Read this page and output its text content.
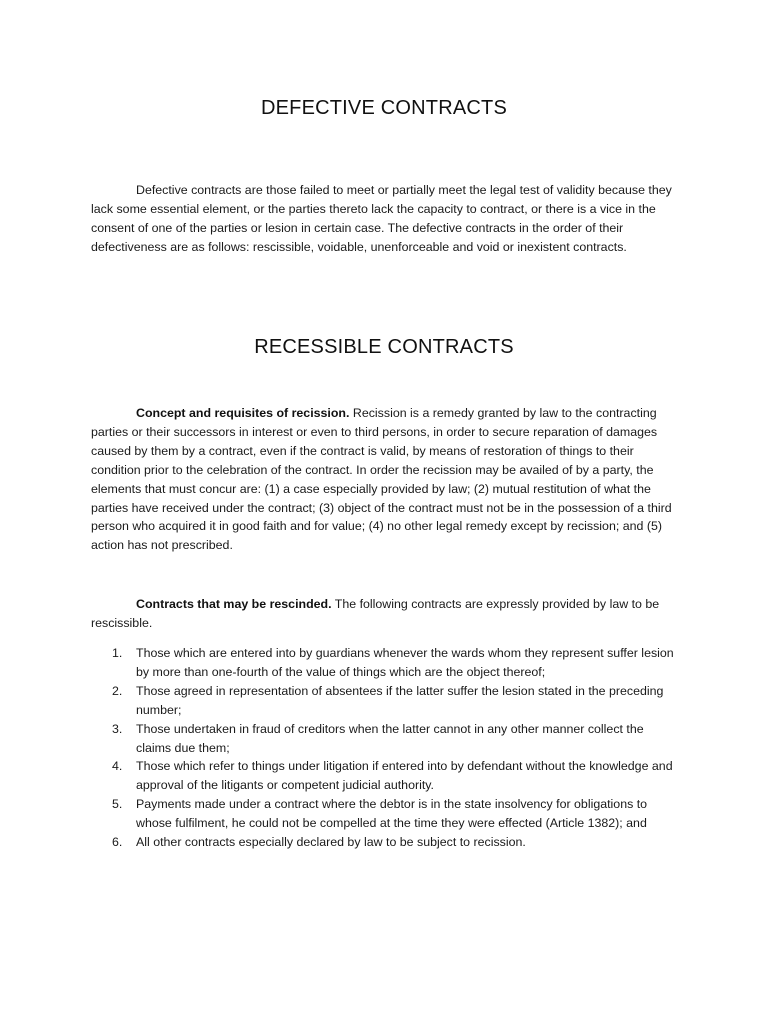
DEFECTIVE CONTRACTS

Defective contracts are those failed to meet or partially meet the legal test of validity because they lack some essential element, or the parties thereto lack the capacity to contract, or there is a vice in the consent of one of the parties or lesion in certain case. The defective contracts in the order of their defectiveness are as follows: rescissible, voidable, unenforceable and void or inexistent contracts.

RECESSIBLE CONTRACTS

Concept and requisites of recission. Recission is a remedy granted by law to the contracting parties or their successors in interest or even to third persons, in order to secure reparation of damages caused by them by a contract, even if the contract is valid, by means of restoration of things to their condition prior to the celebration of the contract. In order the recission may be availed of by a party, the elements that must concur are: (1) a case especially provided by law; (2) mutual restitution of what the parties have received under the contract; (3) object of the contract must not be in the possession of a third person who acquired it in good faith and for value; (4) no other legal remedy except by recission; and (5) action has not prescribed.

Contracts that may be rescinded. The following contracts are expressly provided by law to be rescissible.

1. Those which are entered into by guardians whenever the wards whom they represent suffer lesion by more than one-fourth of the value of things which are the object thereof;
2. Those agreed in representation of absentees if the latter suffer the lesion stated in the preceding number;
3. Those undertaken in fraud of creditors when the latter cannot in any other manner collect the claims due them;
4. Those which refer to things under litigation if entered into by defendant without the knowledge and approval of the litigants or competent judicial authority.
5. Payments made under a contract where the debtor is in the state insolvency for obligations to whose fulfilment, he could not be compelled at the time they were effected (Article 1382); and
6. All other contracts especially declared by law to be subject to recission.
